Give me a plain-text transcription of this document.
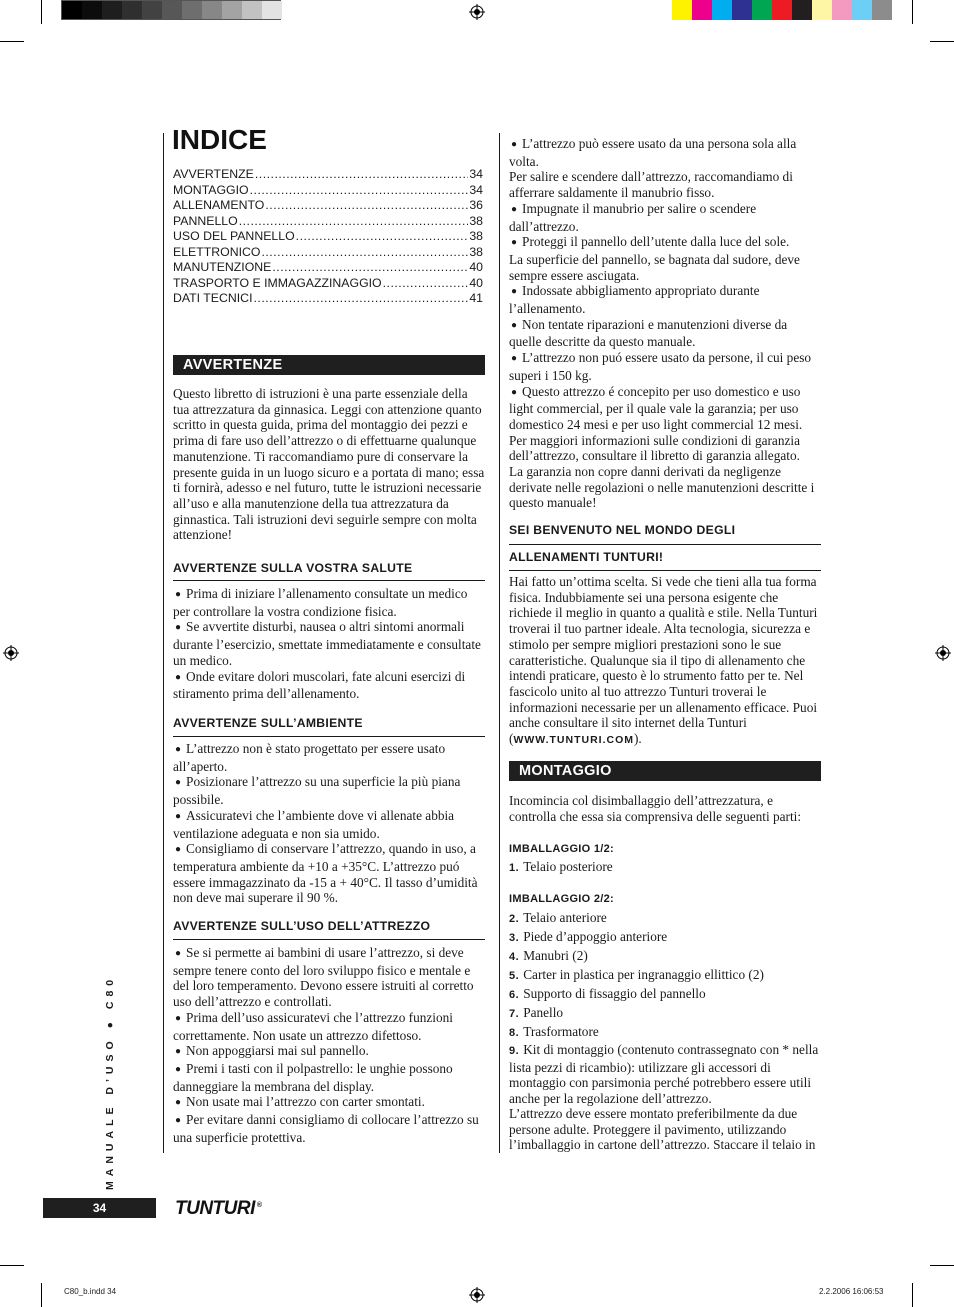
INDICE
AVVERTENZE .....	34
MONTAGGIO .....	34
ALLENAMENTO .....	36
PANNELLO .....	38
USO DEL PANNELLO .....	38
ELETTRONICO .....	38
MANUTENZIONE .....	40
TRASPORTO E IMMAGAZZINAGGIO .....	40
DATI TECNICI .....	41
AVVERTENZE

Questo libretto di istruzioni è una parte essenziale della tua attrezzatura da ginnasica. Leggi con attenzione quanto scritto in questa guida, prima del montaggio dei pezzi e prima di fare uso dell’attrezzo o di effettuarne qualunque manutenzione. Ti raccomandiamo pure di conservare la presente guida in un luogo sicuro e a portata di mano; essa ti fornirà, adesso e nel futuro, tutte le istruzioni necessarie all’uso e alla manutenzione della tua attrezzatura da ginnastica. Tali istruzioni devi seguirle sempre con molta attenzione!

AVVERTENZE SULLA VOSTRA SALUTE

● Prima di iniziare l’allenamento consultate un medico per controllare la vostra condizione fisica.

● Se avvertite disturbi, nausea o altri sintomi anormali durante l’esercizio, smettate immediatamente e consultate un medico.

● Onde evitare dolori muscolari, fate alcuni esercizi di stiramento prima dell’allenamento.

AVVERTENZE SULL’AMBIENTE

● L’attrezzo non è stato progettato per essere usato all’aperto.

● Posizionare l’attrezzo su una superficie la più piana possibile.

● Assicuratevi che l’ambiente dove vi allenate abbia ventilazione adeguata e non sia umido.

● Consigliamo di conservare l’attrezzo, quando in uso, a temperatura ambiente da +10 a +35°C. L’attrezzo puó essere immagazzinato da -15 a + 40°C. Il tasso d’umidità non deve mai superare il 90 %.

AVVERTENZE SULL’USO DELL’ATTREZZO

● Se si permette ai bambini di usare l’attrezzo, si deve sempre tenere conto del loro sviluppo fisico e mentale e del loro temperamento. Devono essere istruiti al corretto uso dell’attrezzo e controllati.

● Prima dell’uso assicuratevi che l’attrezzo funzioni correttamente. Non usate un attrezzo difettoso.

● Non appoggiarsi mai sul pannello.

● Premi i tasti con il polpastrello: le unghie possono danneggiare la membrana del display.

● Non usate mai l’attrezzo con carter smontati.

● Per evitare danni consigliamo di collocare l’attrezzo su una superficie protettiva.

● L’attrezzo può essere usato da una persona sola alla volta.

Per salire e scendere dall’attrezzo, raccomandiamo di afferrare saldamente il manubrio fisso.

● Impugnate il manubrio per salire o scendere dall’attrezzo.

● Proteggi il pannello dell’utente dalla luce del sole.

La superficie del pannello, se bagnata dal sudore, deve sempre essere asciugata.

● Indossate abbigliamento appropriato durante l’allenamento.

● Non tentate riparazioni e manutenzioni diverse da quelle descritte da questo manuale.

● L’attrezzo non puó essere usato da persone, il cui peso superi i 150 kg.

● Questo attrezzo é concepito per uso domestico e uso light commercial, per il quale vale la garanzia; per uso domestico 24 mesi e per uso light commercial 12 mesi.

Per maggiori informazioni sulle condizioni di garanzia dell’attrezzo, consultare il libretto di garanzia allegato.

La garanzia non copre danni derivati da negligenze derivate nelle regolazioni o nelle manutenzioni descritte i questo manuale!

SEI BENVENUTO NEL MONDO DEGLI
ALLENAMENTI TUNTURI!

Hai fatto un’ottima scelta. Si vede che tieni alla tua forma fisica. Indubbiamente sei una persona esigente che richiede il meglio in quanto a qualità e stile. Nella Tunturi troverai il tuo partner ideale. Alta tecnologia, sicurezza e stimolo per sempre migliori prestazioni sono le sue caratteristiche. Qualunque sia il tipo di allenamento che intendi praticare, questo è lo strumento fatto per te. Nel fascicolo unito al tuo attrezzo Tunturi troverai le informazioni necessarie per un allenamento efficace. Puoi anche consultare il sito internet della Tunturi (WWW.TUNTURI.COM).

MONTAGGIO

Incomincia col disimballaggio dell’attrezzatura, e controlla che essa sia comprensiva delle seguenti parti:

IMBALLAGGIO 1/2:

1. Telaio posteriore

IMBALLAGGIO 2/2:

2. Telaio anteriore

3. Piede d’appoggio anteriore

4. Manubri (2)

5. Carter in plastica per ingranaggio ellittico (2)

6. Supporto di fissaggio del pannello

7. Panello

8. Trasformatore

9. Kit di montaggio (contenuto contrassegnato con * nella lista pezzi di ricambio): utilizzare gli accessori di montaggio con parsimonia perché potrebbero essere utili anche per la regolazione dell’attrezzo.

L’attrezzo deve essere montato preferibilmente da due persone adulte. Proteggere il pavimento, utilizzando l’imballaggio in cartone dell’attrezzo. Staccare il telaio in

MANUALE D’USO ● C80
34	TUNTURI ®
C80_b.indd 34	2.2.2006 16:06:53
